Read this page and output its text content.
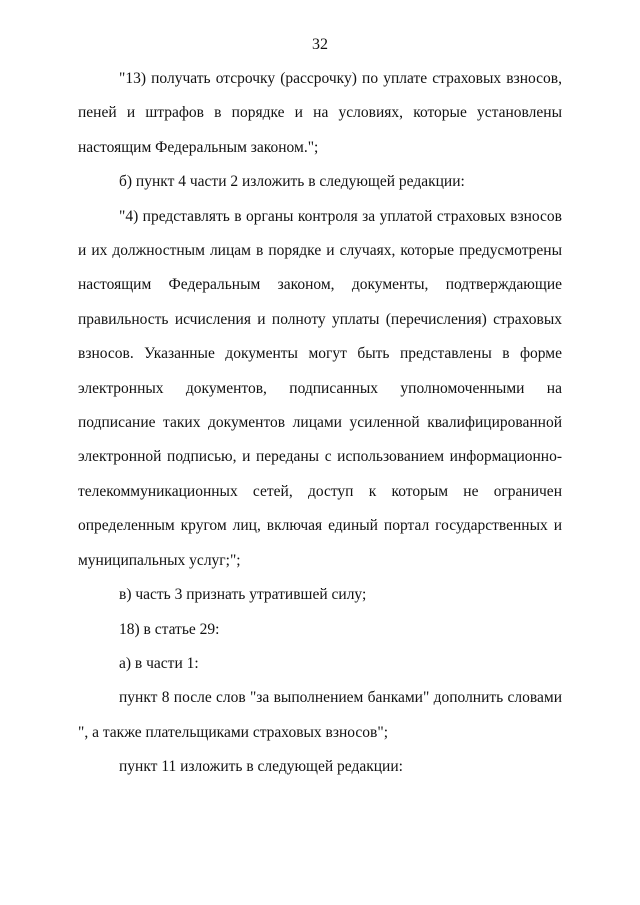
32

"13) получать отсрочку (рассрочку) по уплате страховых взносов, пеней и штрафов в порядке и на условиях, которые установлены настоящим Федеральным законом.";

б) пункт 4 части 2 изложить в следующей редакции:

"4) представлять в органы контроля за уплатой страховых взносов и их должностным лицам в порядке и случаях, которые предусмотрены настоящим Федеральным законом, документы, подтверждающие правильность исчисления и полноту уплаты (перечисления) страховых взносов. Указанные документы могут быть представлены в форме электронных документов, подписанных уполномоченными на подписание таких документов лицами усиленной квалифицированной электронной подписью, и переданы с использованием информационно-телекоммуникационных сетей, доступ к которым не ограничен определенным кругом лиц, включая единый портал государственных и муниципальных услуг;";

в) часть 3 признать утратившей силу;

18) в статье 29:

а) в части 1:

пункт 8 после слов "за выполнением банками" дополнить словами ", а также плательщиками страховых взносов";

пункт 11 изложить в следующей редакции:
